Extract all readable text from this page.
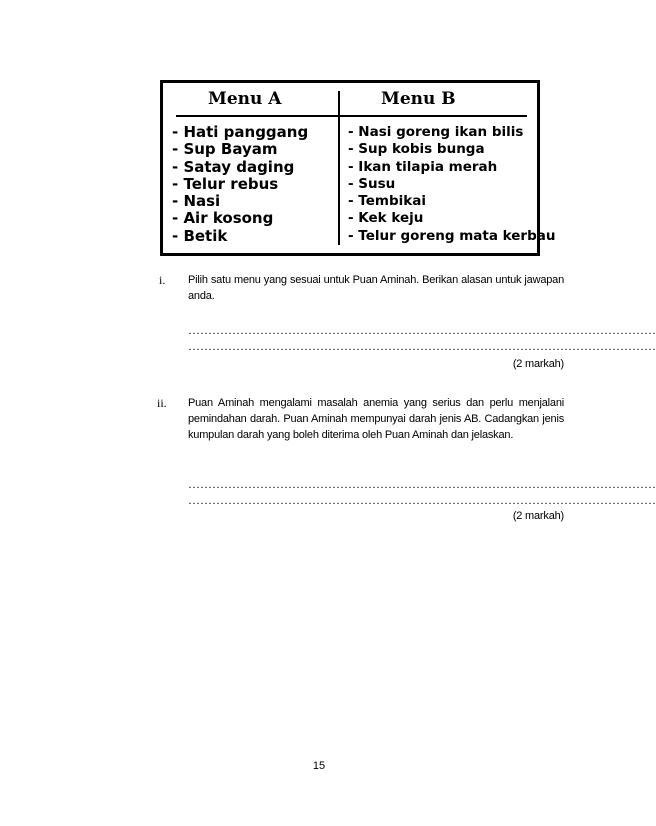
Menu A	Menu B
- Hati panggang
- Sup Bayam
- Satay daging
- Telur rebus
- Nasi
- Air kosong
- Betik
- Nasi goreng ikan bilis
- Sup kobis bunga
- Ikan tilapia merah
- Susu
- Tembikai
- Kek keju
- Telur goreng mata kerbau
i. Pilih satu menu yang sesuai untuk Puan Aminah. Berikan alasan untuk jawapan anda.
………………………………………………………………………………………………………
………………………………………………………………………………………………………
(2 markah)
ii. Puan Aminah mengalami masalah anemia yang serius dan perlu menjalani pemindahan darah. Puan Aminah mempunyai darah jenis AB. Cadangkan jenis kumpulan darah yang boleh diterima oleh Puan Aminah dan jelaskan.
………………………………………………………………………………………………………
………………………………………………………………………………………………………
(2 markah)
15
